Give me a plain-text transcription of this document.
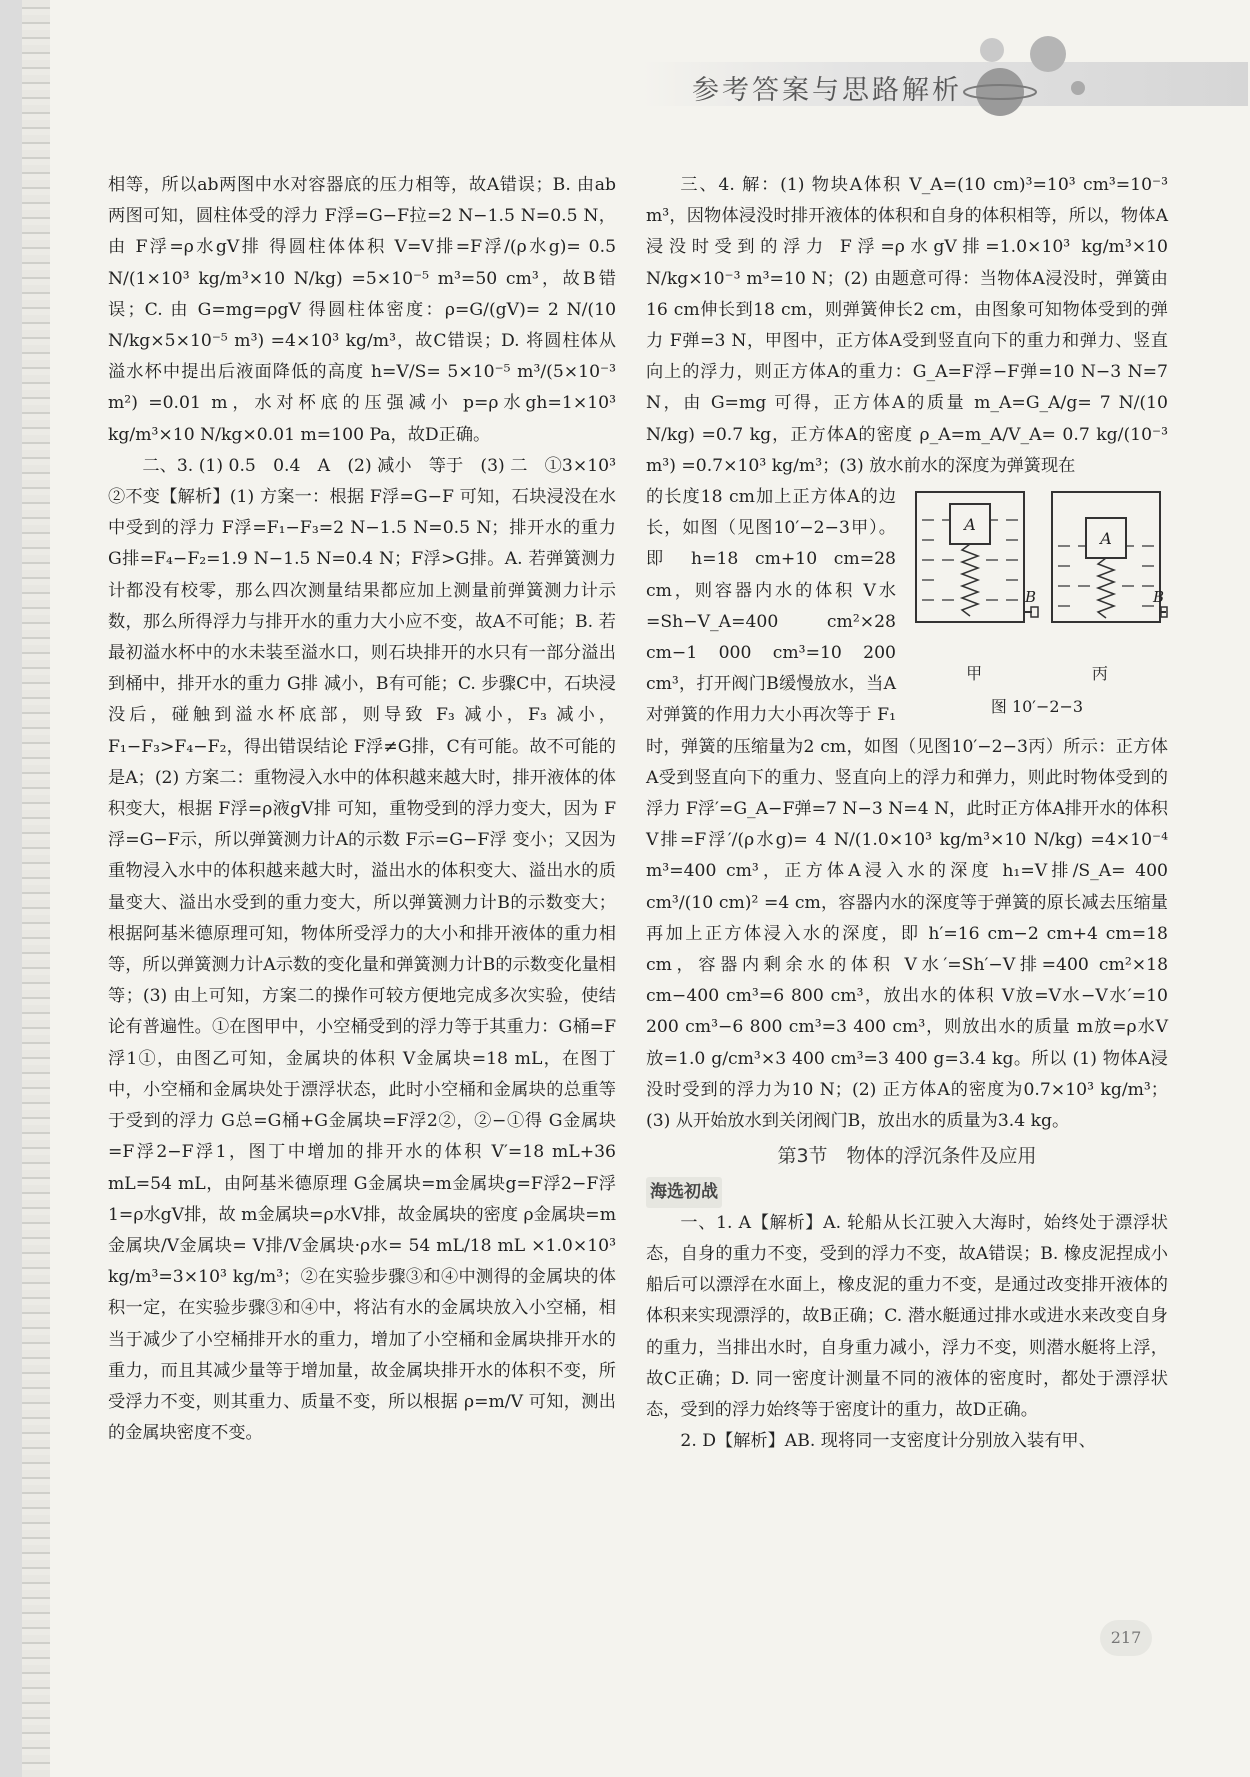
参考答案与思路解析

相等，所以ab两图中水对容器底的压力相等，故A错误；B. 由ab两图可知，圆柱体受的浮力 F浮=G−F拉=2 N−1.5 N=0.5 N，由 F浮=ρ水gV排 得圆柱体体积 V=V排=F浮/(ρ水g)= 0.5 N/(1×10³ kg/m³×10 N/kg) =5×10⁻⁵ m³=50 cm³，故B错误；C. 由 G=mg=ρgV 得圆柱体密度：ρ=G/(gV)= 2 N/(10 N/kg×5×10⁻⁵ m³) =4×10³ kg/m³，故C错误；D. 将圆柱体从溢水杯中提出后液面降低的高度 h=V/S= 5×10⁻⁵ m³/(5×10⁻³ m²) =0.01 m，水对杯底的压强减小 p=ρ水gh=1×10³ kg/m³×10 N/kg×0.01 m=100 Pa，故D正确。

二、3. (1) 0.5　0.4　A　(2) 减小　等于　(3) 二　①3×10³　②不变【解析】(1) 方案一：根据 F浮=G−F 可知，石块浸没在水中受到的浮力 F浮=F₁−F₃=2 N−1.5 N=0.5 N；排开水的重力 G排=F₄−F₂=1.9 N−1.5 N=0.4 N；F浮>G排。A. 若弹簧测力计都没有校零，那么四次测量结果都应加上测量前弹簧测力计示数，那么所得浮力与排开水的重力大小应不变，故A不可能；B. 若最初溢水杯中的水未装至溢水口，则石块排开的水只有一部分溢出到桶中，排开水的重力 G排 减小，B有可能；C. 步骤C中，石块浸没后，碰触到溢水杯底部，则导致 F₃ 减小，F₃ 减小，F₁−F₃>F₄−F₂，得出错误结论 F浮≠G排，C有可能。故不可能的是A；(2) 方案二：重物浸入水中的体积越来越大时，排开液体的体积变大，根据 F浮=ρ液gV排 可知，重物受到的浮力变大，因为 F浮=G−F示，所以弹簧测力计A的示数 F示=G−F浮 变小；又因为重物浸入水中的体积越来越大时，溢出水的体积变大、溢出水的质量变大、溢出水受到的重力变大，所以弹簧测力计B的示数变大；根据阿基米德原理可知，物体所受浮力的大小和排开液体的重力相等，所以弹簧测力计A示数的变化量和弹簧测力计B的示数变化量相等；(3) 由上可知，方案二的操作可较方便地完成多次实验，使结论有普遍性。①在图甲中，小空桶受到的浮力等于其重力：G桶=F浮1①，由图乙可知，金属块的体积 V金属块=18 mL，在图丁中，小空桶和金属块处于漂浮状态，此时小空桶和金属块的总重等于受到的浮力 G总=G桶+G金属块=F浮2②，②−①得 G金属块=F浮2−F浮1，图丁中增加的排开水的体积 V′=18 mL+36 mL=54 mL，由阿基米德原理 G金属块=m金属块g=F浮2−F浮1=ρ水gV排，故 m金属块=ρ水V排，故金属块的密度 ρ金属块=m金属块/V金属块= V排/V金属块·ρ水= 54 mL/18 mL ×1.0×10³ kg/m³=3×10³ kg/m³；②在实验步骤③和④中测得的金属块的体积一定，在实验步骤③和④中，将沾有水的金属块放入小空桶，相当于减少了小空桶排开水的重力，增加了小空桶和金属块排开水的重力，而且其减少量等于增加量，故金属块排开水的体积不变，所受浮力不变，则其重力、质量不变，所以根据 ρ=m/V 可知，测出的金属块密度不变。

三、4. 解：(1) 物块A体积 V_A=(10 cm)³=10³ cm³=10⁻³ m³，因物体浸没时排开液体的体积和自身的体积相等，所以，物体A浸没时受到的浮力 F浮=ρ水gV排=1.0×10³ kg/m³×10 N/kg×10⁻³ m³=10 N；(2) 由题意可得：当物体A浸没时，弹簧由16 cm伸长到18 cm，则弹簧伸长2 cm，由图象可知物体受到的弹力 F弹=3 N，甲图中，正方体A受到竖直向下的重力和弹力、竖直向上的浮力，则正方体A的重力：G_A=F浮−F弹=10 N−3 N=7 N，由 G=mg 可得，正方体A的质量 m_A=G_A/g= 7 N/(10 N/kg) =0.7 kg，正方体A的密度 ρ_A=m_A/V_A= 0.7 kg/(10⁻³ m³) =0.7×10³ kg/m³；(3) 放水前水的深度为弹簧现在

A
A
B	B
甲	丙
图 10′−2−3

的长度18 cm加上正方体A的边长，如图（见图10′−2−3甲）。即 h=18 cm+10 cm=28 cm，则容器内水的体积 V水=Sh−V_A=400 cm²×28 cm−1 000 cm³=10 200 cm³，打开阀门B缓慢放水，当A对弹簧的作用力大小再次等于 F₁ 时，弹簧的压缩量为2 cm，如图（见图10′−2−3丙）所示：正方体A受到竖直向下的重力、竖直向上的浮力和弹力，则此时物体受到的浮力 F浮′=G_A−F弹=7 N−3 N=4 N，此时正方体A排开水的体积 V排=F浮′/(ρ水g)= 4 N/(1.0×10³ kg/m³×10 N/kg) =4×10⁻⁴ m³=400 cm³，正方体A浸入水的深度 h₁=V排/S_A= 400 cm³/(10 cm)² =4 cm，容器内水的深度等于弹簧的原长减去压缩量再加上正方体浸入水的深度，即 h′=16 cm−2 cm+4 cm=18 cm，容器内剩余水的体积 V水′=Sh′−V排=400 cm²×18 cm−400 cm³=6 800 cm³，放出水的体积 V放=V水−V水′=10 200 cm³−6 800 cm³=3 400 cm³，则放出水的质量 m放=ρ水V放=1.0 g/cm³×3 400 cm³=3 400 g=3.4 kg。所以 (1) 物体A浸没时受到的浮力为10 N；(2) 正方体A的密度为0.7×10³ kg/m³；(3) 从开始放水到关闭阀门B，放出水的质量为3.4 kg。

第3节　物体的浮沉条件及应用
海选初战

一、1. A【解析】A. 轮船从长江驶入大海时，始终处于漂浮状态，自身的重力不变，受到的浮力不变，故A错误；B. 橡皮泥捏成小船后可以漂浮在水面上，橡皮泥的重力不变，是通过改变排开液体的体积来实现漂浮的，故B正确；C. 潜水艇通过排水或进水来改变自身的重力，当排出水时，自身重力减小，浮力不变，则潜水艇将上浮，故C正确；D. 同一密度计测量不同的液体的密度时，都处于漂浮状态，受到的浮力始终等于密度计的重力，故D正确。

2. D【解析】AB. 现将同一支密度计分别放入装有甲、

217
